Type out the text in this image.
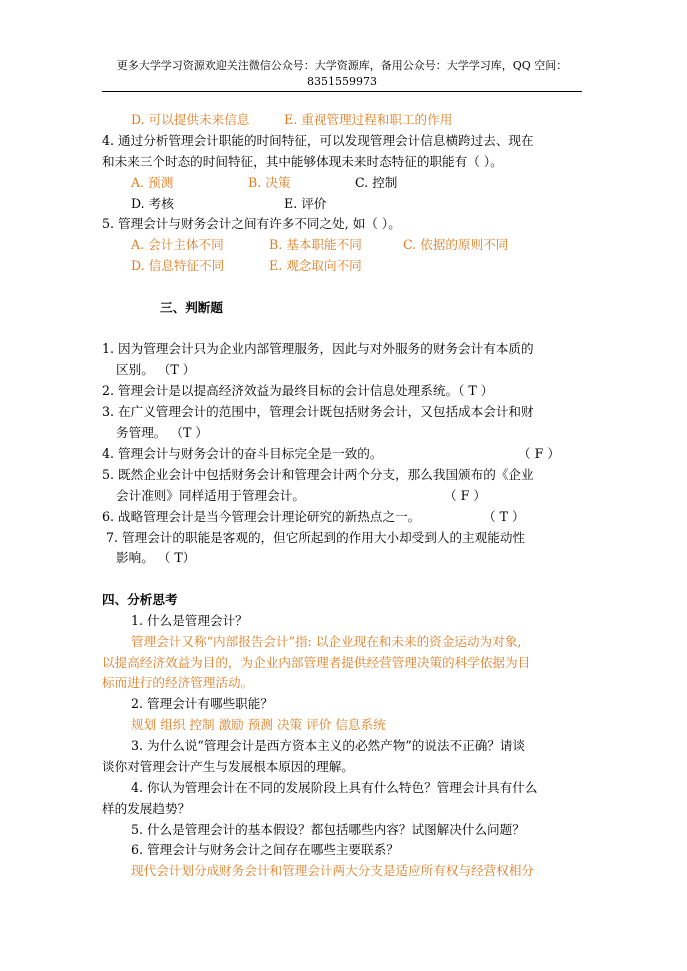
更多大学学习资源欢迎关注微信公众号：大学资源库，备用公众号：大学学习库，QQ 空间：
8351559973
D. 可以提供未来信息	E. 重视管理过程和职工的作用
4. 通过分析管理会计职能的时间特征，可以发现管理会计信息横跨过去、现在
和未来三个时态的时间特征，其中能够体现未来时态特征的职能有（ ）。
A. 预测	B. 决策	C. 控制
D. 考核	E. 评价
5. 管理会计与财务会计之间有许多不同之处, 如（ ）。
A. 会计主体不同	B. 基本职能不同	C. 依据的原则不同
D. 信息特征不同	E. 观念取向不同
三、判断题
1. 因为管理会计只为企业内部管理服务，因此与对外服务的财务会计有本质的
区别。 （T ）
2. 管理会计是以提高经济效益为最终目标的会计信息处理系统。（ T ）
3. 在广义管理会计的范围中，管理会计既包括财务会计，又包括成本会计和财
务管理。 （T ）
4. 管理会计与财务会计的奋斗目标完全是一致的。	（ F ）
5. 既然企业会计中包括财务会计和管理会计两个分支，那么我国颁布的《企业
会计准则》同样适用于管理会计。	（ F ）
6. 战略管理会计是当今管理会计理论研究的新热点之一。	（ T ）
7. 管理会计的职能是客观的，但它所起到的作用大小却受到人的主观能动性
影响。 （ T）
四、分析思考
1. 什么是管理会计？
管理会计又称“内部报告会计”指: 以企业现在和未来的资金运动为对象,
以提高经济效益为目的，为企业内部管理者提供经营管理决策的科学依据为目
标而进行的经济管理活动。
2. 管理会计有哪些职能？
规划 组织 控制 激励 预测 决策 评价 信息系统
3. 为什么说“管理会计是西方资本主义的必然产物”的说法不正确？请谈
谈你对管理会计产生与发展根本原因的理解。
4. 你认为管理会计在不同的发展阶段上具有什么特色？管理会计具有什么
样的发展趋势？
5. 什么是管理会计的基本假设？都包括哪些内容？试图解决什么问题？
6. 管理会计与财务会计之间存在哪些主要联系？
现代会计划分成财务会计和管理会计两大分支是适应所有权与经营权相分
